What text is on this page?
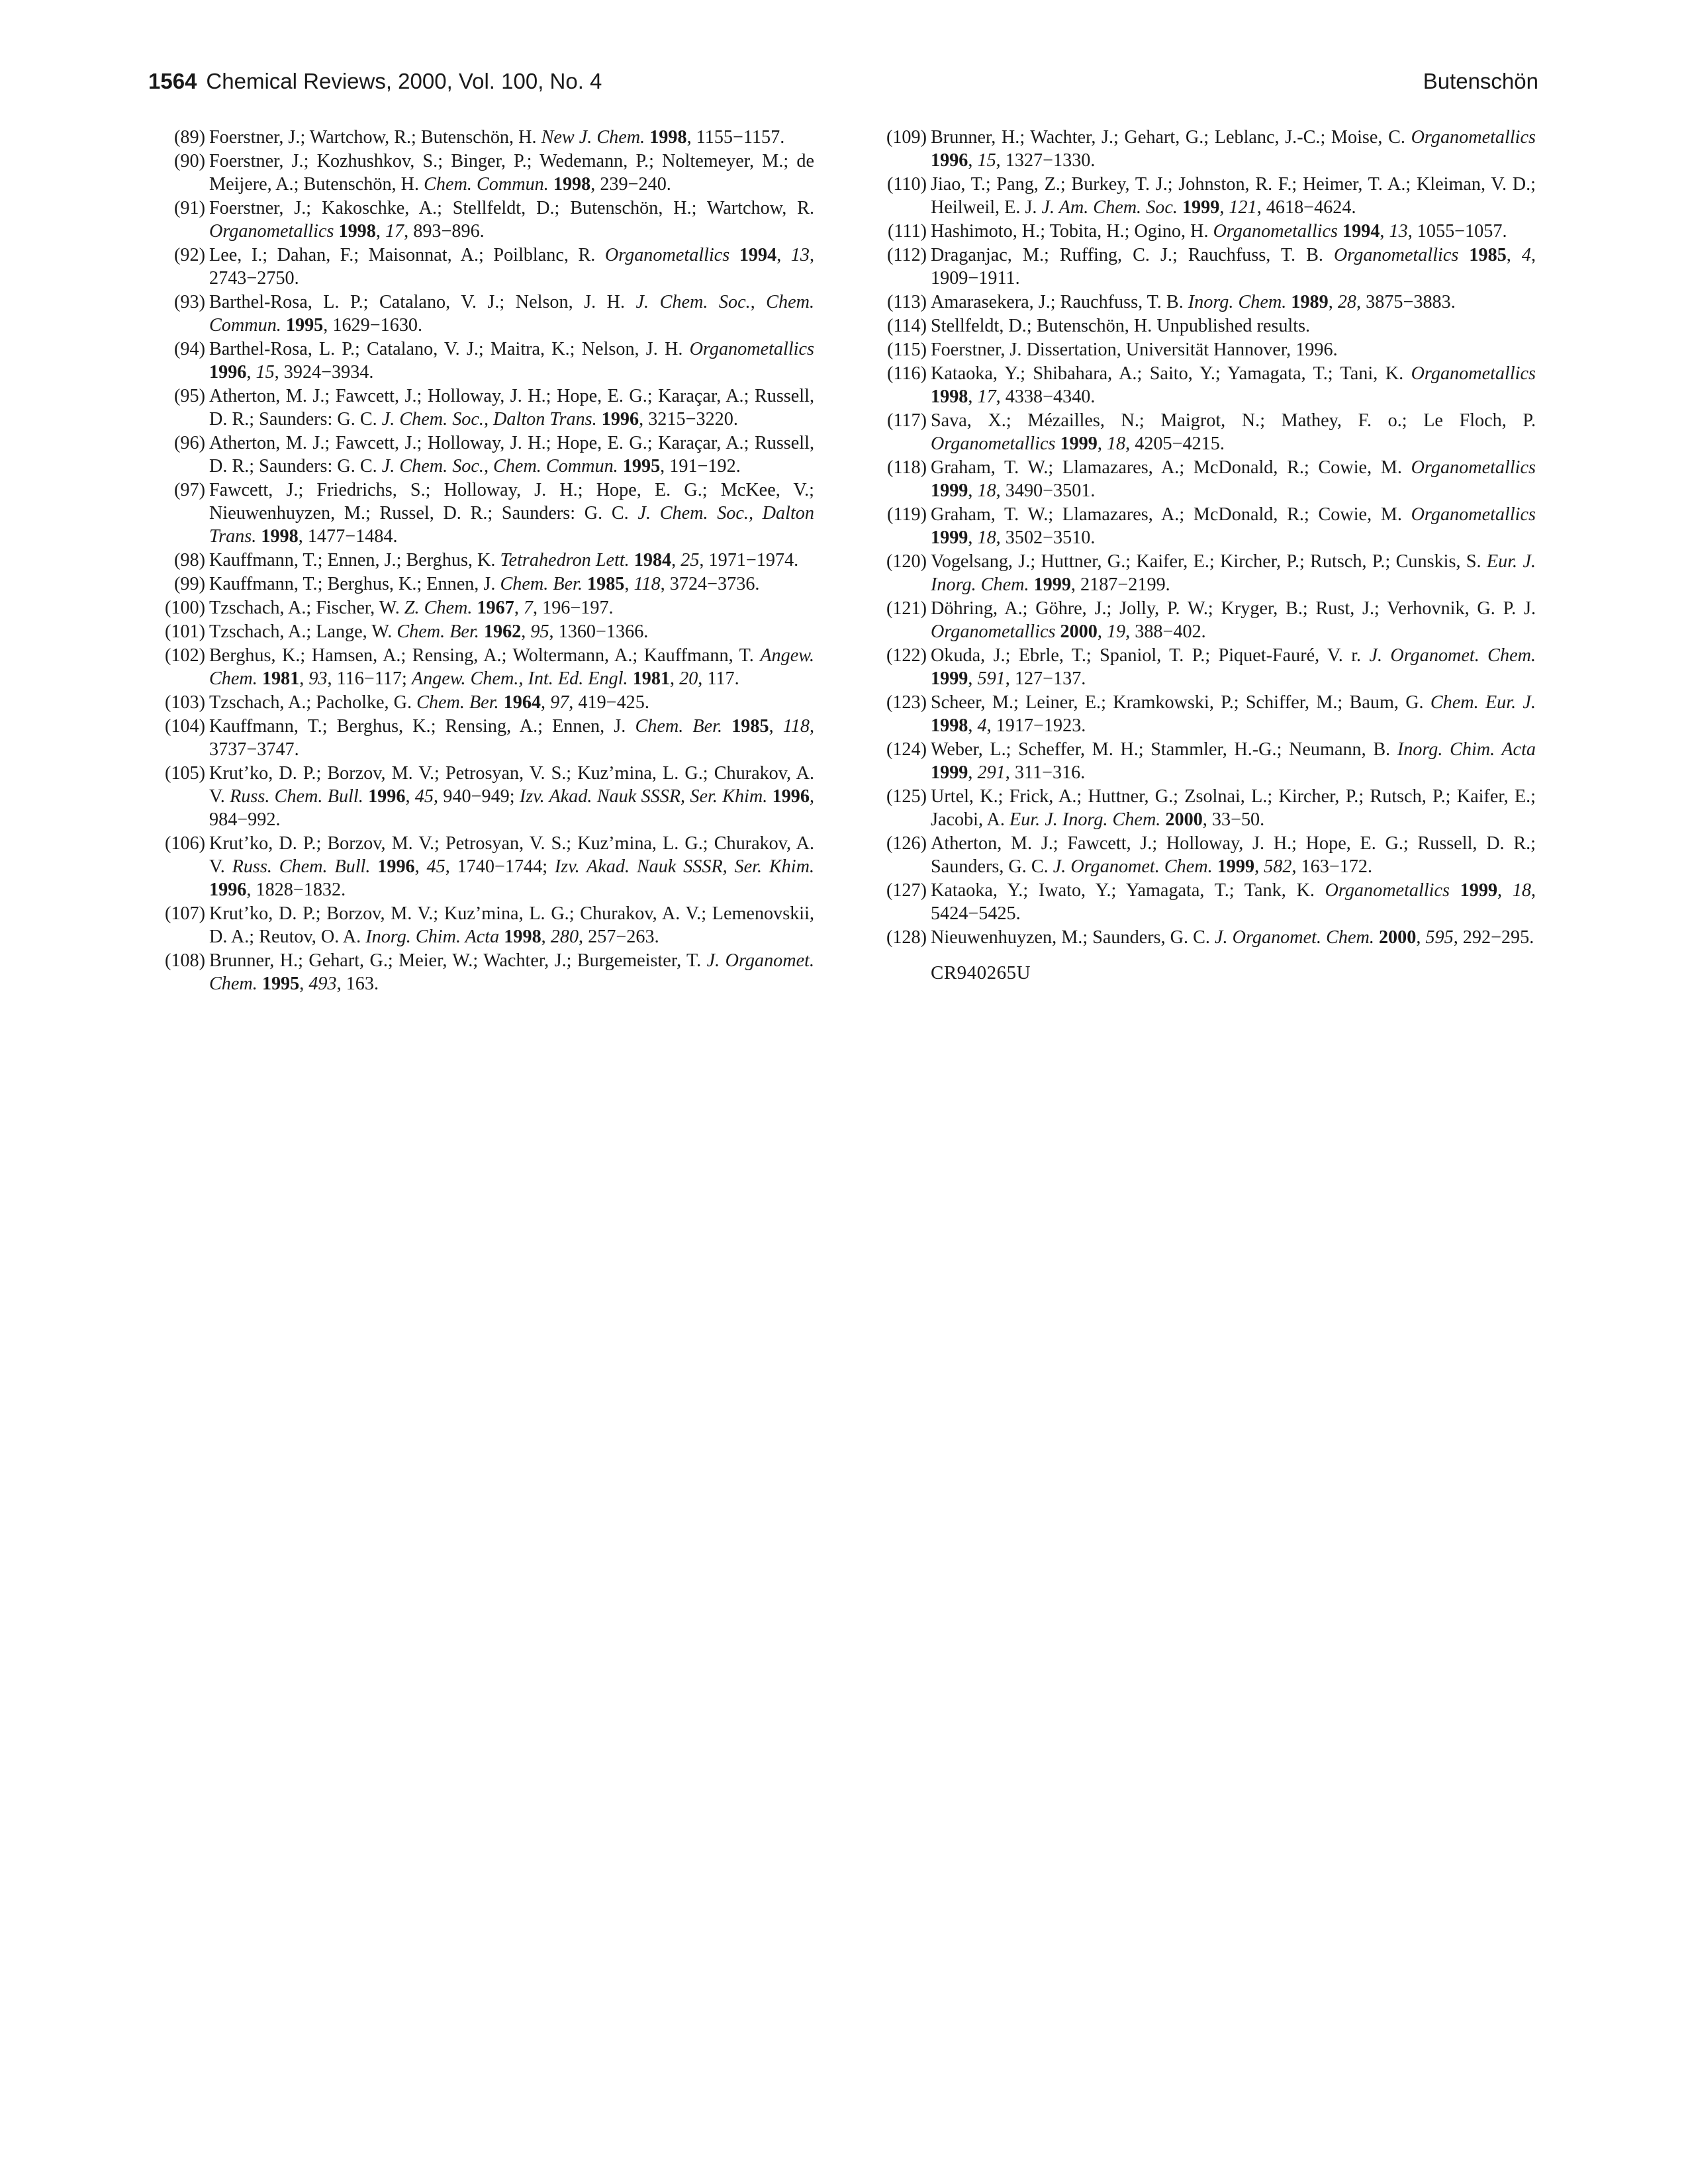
1564 Chemical Reviews, 2000, Vol. 100, No. 4	Butenschön
(89) Foerstner, J.; Wartchow, R.; Butenschön, H. New J. Chem. 1998, 1155−1157.
(90) Foerstner, J.; Kozhushkov, S.; Binger, P.; Wedemann, P.; Noltemeyer, M.; de Meijere, A.; Butenschön, H. Chem. Commun. 1998, 239−240.
(91) Foerstner, J.; Kakoschke, A.; Stellfeldt, D.; Butenschön, H.; Wartchow, R. Organometallics 1998, 17, 893−896.
(92) Lee, I.; Dahan, F.; Maisonnat, A.; Poilblanc, R. Organometallics 1994, 13, 2743−2750.
(93) Barthel-Rosa, L. P.; Catalano, V. J.; Nelson, J. H. J. Chem. Soc., Chem. Commun. 1995, 1629−1630.
(94) Barthel-Rosa, L. P.; Catalano, V. J.; Maitra, K.; Nelson, J. H. Organometallics 1996, 15, 3924−3934.
(95) Atherton, M. J.; Fawcett, J.; Holloway, J. H.; Hope, E. G.; Karaçar, A.; Russell, D. R.; Saunders: G. C. J. Chem. Soc., Dalton Trans. 1996, 3215−3220.
(96) Atherton, M. J.; Fawcett, J.; Holloway, J. H.; Hope, E. G.; Karaçar, A.; Russell, D. R.; Saunders: G. C. J. Chem. Soc., Chem. Commun. 1995, 191−192.
(97) Fawcett, J.; Friedrichs, S.; Holloway, J. H.; Hope, E. G.; McKee, V.; Nieuwenhuyzen, M.; Russel, D. R.; Saunders: G. C. J. Chem. Soc., Dalton Trans. 1998, 1477−1484.
(98) Kauffmann, T.; Ennen, J.; Berghus, K. Tetrahedron Lett. 1984, 25, 1971−1974.
(99) Kauffmann, T.; Berghus, K.; Ennen, J. Chem. Ber. 1985, 118, 3724−3736.
(100) Tzschach, A.; Fischer, W. Z. Chem. 1967, 7, 196−197.
(101) Tzschach, A.; Lange, W. Chem. Ber. 1962, 95, 1360−1366.
(102) Berghus, K.; Hamsen, A.; Rensing, A.; Woltermann, A.; Kauffmann, T. Angew. Chem. 1981, 93, 116−117; Angew. Chem., Int. Ed. Engl. 1981, 20, 117.
(103) Tzschach, A.; Pacholke, G. Chem. Ber. 1964, 97, 419−425.
(104) Kauffmann, T.; Berghus, K.; Rensing, A.; Ennen, J. Chem. Ber. 1985, 118, 3737−3747.
(105) Krut’ko, D. P.; Borzov, M. V.; Petrosyan, V. S.; Kuz’mina, L. G.; Churakov, A. V. Russ. Chem. Bull. 1996, 45, 940−949; Izv. Akad. Nauk SSSR, Ser. Khim. 1996, 984−992.
(106) Krut’ko, D. P.; Borzov, M. V.; Petrosyan, V. S.; Kuz’mina, L. G.; Churakov, A. V. Russ. Chem. Bull. 1996, 45, 1740−1744; Izv. Akad. Nauk SSSR, Ser. Khim. 1996, 1828−1832.
(107) Krut’ko, D. P.; Borzov, M. V.; Kuz’mina, L. G.; Churakov, A. V.; Lemenovskii, D. A.; Reutov, O. A. Inorg. Chim. Acta 1998, 280, 257−263.
(108) Brunner, H.; Gehart, G.; Meier, W.; Wachter, J.; Burgemeister, T. J. Organomet. Chem. 1995, 493, 163.
(109) Brunner, H.; Wachter, J.; Gehart, G.; Leblanc, J.-C.; Moise, C. Organometallics 1996, 15, 1327−1330.
(110) Jiao, T.; Pang, Z.; Burkey, T. J.; Johnston, R. F.; Heimer, T. A.; Kleiman, V. D.; Heilweil, E. J. J. Am. Chem. Soc. 1999, 121, 4618−4624.
(111) Hashimoto, H.; Tobita, H.; Ogino, H. Organometallics 1994, 13, 1055−1057.
(112) Draganjac, M.; Ruffing, C. J.; Rauchfuss, T. B. Organometallics 1985, 4, 1909−1911.
(113) Amarasekera, J.; Rauchfuss, T. B. Inorg. Chem. 1989, 28, 3875−3883.
(114) Stellfeldt, D.; Butenschön, H. Unpublished results.
(115) Foerstner, J. Dissertation, Universität Hannover, 1996.
(116) Kataoka, Y.; Shibahara, A.; Saito, Y.; Yamagata, T.; Tani, K. Organometallics 1998, 17, 4338−4340.
(117) Sava, X.; Mézailles, N.; Maigrot, N.; Mathey, F. o.; Le Floch, P. Organometallics 1999, 18, 4205−4215.
(118) Graham, T. W.; Llamazares, A.; McDonald, R.; Cowie, M. Organometallics 1999, 18, 3490−3501.
(119) Graham, T. W.; Llamazares, A.; McDonald, R.; Cowie, M. Organometallics 1999, 18, 3502−3510.
(120) Vogelsang, J.; Huttner, G.; Kaifer, E.; Kircher, P.; Rutsch, P.; Cunskis, S. Eur. J. Inorg. Chem. 1999, 2187−2199.
(121) Döhring, A.; Göhre, J.; Jolly, P. W.; Kryger, B.; Rust, J.; Verhovnik, G. P. J. Organometallics 2000, 19, 388−402.
(122) Okuda, J.; Ebrle, T.; Spaniol, T. P.; Piquet-Fauré, V. r. J. Organomet. Chem. 1999, 591, 127−137.
(123) Scheer, M.; Leiner, E.; Kramkowski, P.; Schiffer, M.; Baum, G. Chem. Eur. J. 1998, 4, 1917−1923.
(124) Weber, L.; Scheffer, M. H.; Stammler, H.-G.; Neumann, B. Inorg. Chim. Acta 1999, 291, 311−316.
(125) Urtel, K.; Frick, A.; Huttner, G.; Zsolnai, L.; Kircher, P.; Rutsch, P.; Kaifer, E.; Jacobi, A. Eur. J. Inorg. Chem. 2000, 33−50.
(126) Atherton, M. J.; Fawcett, J.; Holloway, J. H.; Hope, E. G.; Russell, D. R.; Saunders, G. C. J. Organomet. Chem. 1999, 582, 163−172.
(127) Kataoka, Y.; Iwato, Y.; Yamagata, T.; Tank, K. Organometallics 1999, 18, 5424−5425.
(128) Nieuwenhuyzen, M.; Saunders, G. C. J. Organomet. Chem. 2000, 595, 292−295.
CR940265U
